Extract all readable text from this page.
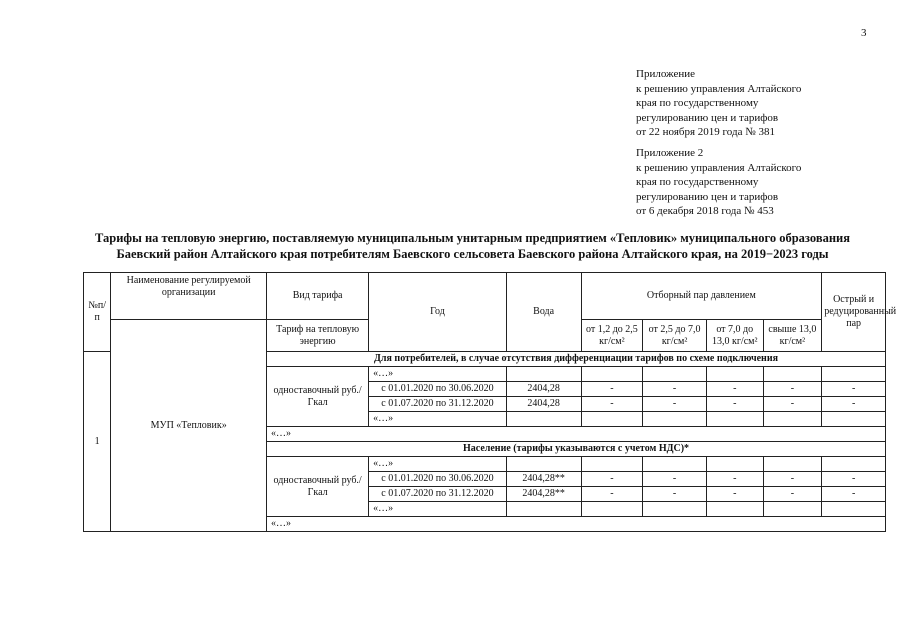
3
Приложение
к решению управления Алтайского
края по государственному
регулированию цен и тарифов
от 22 ноября 2019 года № 381
Приложение 2
к решению управления Алтайского
края по государственному
регулированию цен и тарифов
от 6 декабря 2018 года № 453
Тарифы на тепловую энергию, поставляемую муниципальным унитарным предприятием «Тепловик» муниципального образования
Баевский район Алтайского края потребителям Баевского сельсовета Баевского района Алтайского края, на 2019−2023 годы
№п/п	Наименование регулируемой организации	Вид тарифа	Год	Вода	Отборный пар давлением				Острый и редуцированный пар
	МУП «Тепловик»	Тариф на тепловую энергию			от 1,2 до 2,5 кг/см²	от 2,5 до 7,0 кг/см²	от 7,0 до 13,0 кг/см²	свыше 13,0 кг/см²	
1		Для потребителей, в случае отсутствия дифференциации тарифов по схеме подключения							
		одноставочный руб./Гкал	«…»						
			с 01.01.2020 по 30.06.2020	2404,28	-	-	-	-	-
			с 01.07.2020 по 31.12.2020	2404,28	-	-	-	-	-
			«…»						
		«…»							
		Население (тарифы указываются с учетом НДС)*							
		одноставочный руб./Гкал	«…»						
			с 01.01.2020 по 30.06.2020	2404,28**	-	-	-	-	-
			с 01.07.2020 по 31.12.2020	2404,28**	-	-	-	-	-
			«…»						
		«…»							
